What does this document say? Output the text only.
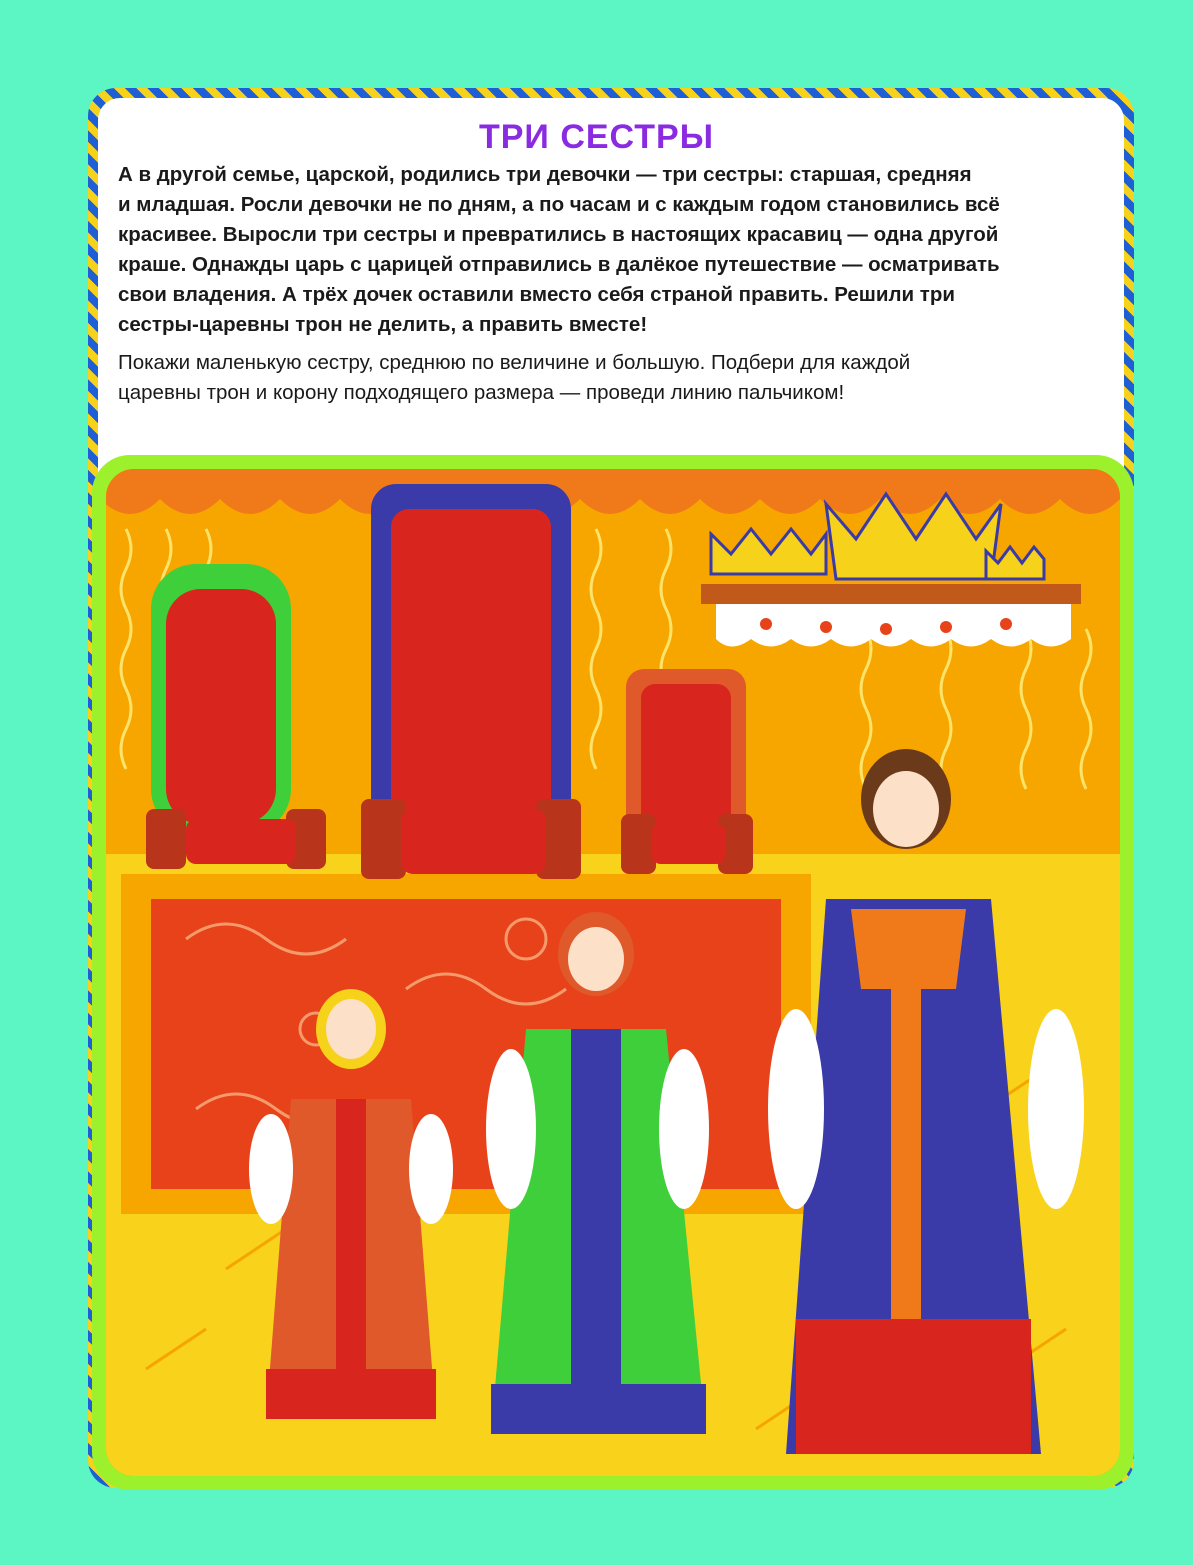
ТРИ СЕСТРЫ

А в другой семье, царской, родились три девочки — три сестры: старшая, средняя
и младшая. Росли девочки не по дням, а по часам и с каждым годом становились всё
красивее. Выросли три сестры и превратились в настоящих красавиц — одна другой
краше. Однажды царь с царицей отправились в далёкое путешествие — осматривать
свои владения. А трёх дочек оставили вместо себя страной править. Решили три
сестры-царевны трон не делить, а править вместе!

Покажи маленькую сестру, среднюю по величине и большую. Подбери для каждой
царевны трон и корону подходящего размера — проведи линию пальчиком!
